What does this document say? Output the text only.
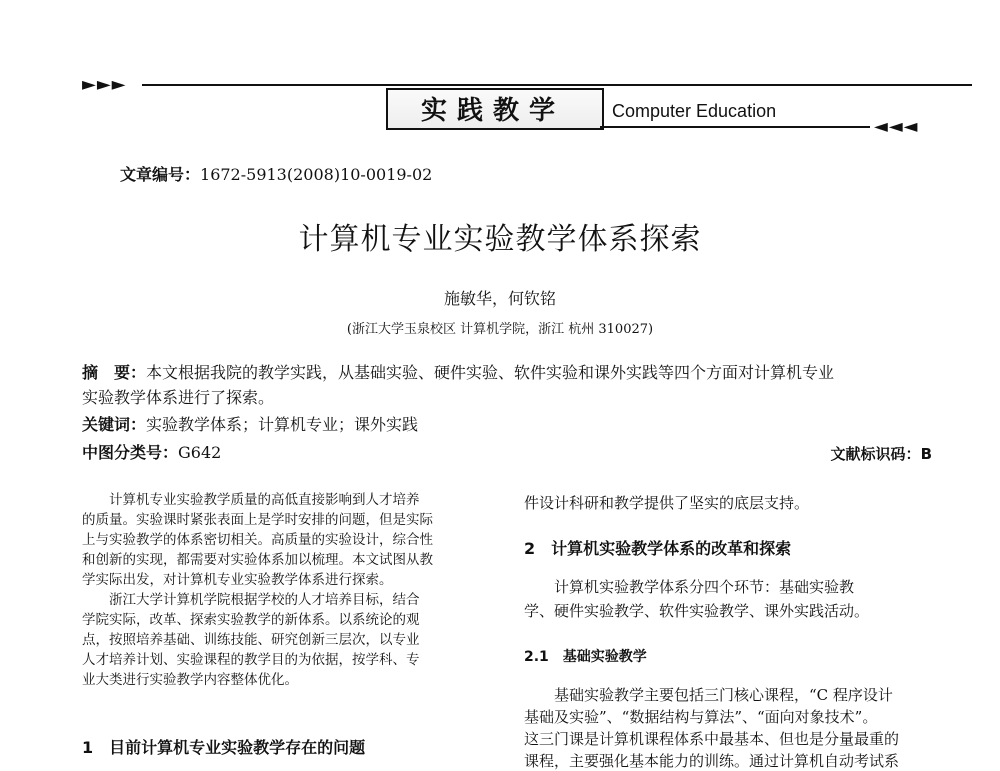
►►►
实践教学	Computer Education
◄◄◄
文章编号：1672-5913(2008)10-0019-02
计算机专业实验教学体系探索
施敏华，何钦铭
(浙江大学玉泉校区 计算机学院，浙江 杭州 310027)
摘　要：本文根据我院的教学实践，从基础实验、硬件实验、软件实验和课外实践等四个方面对计算机专业
实验教学体系进行了探索。
关键词：实验教学体系；计算机专业；课外实践
中图分类号：G642	文献标识码：B
　　计算机专业实验教学质量的高低直接影响到人才培养
的质量。实验课时紧张表面上是学时安排的问题，但是实际
上与实验教学的体系密切相关。高质量的实验设计，综合性
和创新的实现，都需要对实验体系加以梳理。本文试图从教
学实际出发，对计算机专业实验教学体系进行探索。
　　浙江大学计算机学院根据学校的人才培养目标，结合
学院实际，改革、探索实验教学的新体系。以系统论的观
点，按照培养基础、训练技能、研究创新三层次，以专业
人才培养计划、实验课程的教学目的为依据，按学科、专
业大类进行实验教学内容整体优化。
1　目前计算机专业实验教学存在的问题
件设计科研和教学提供了坚实的底层支持。
2　计算机实验教学体系的改革和探索
　　计算机实验教学体系分四个环节：基础实验教
学、硬件实验教学、软件实验教学、课外实践活动。
2.1　基础实验教学
　　基础实验教学主要包括三门核心课程，“C 程序设计
基础及实验”、“数据结构与算法”、“面向对象技术”。
这三门课是计算机课程体系中最基本、但也是分量最重的
课程，主要强化基本能力的训练。通过计算机自动考试系
